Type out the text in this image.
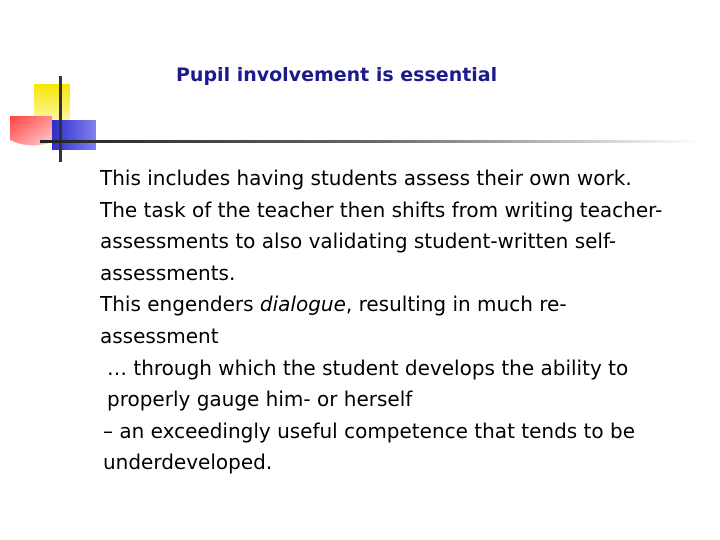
Pupil involvement is essential

This includes having students assess their own work.

The task of the teacher then shifts from writing teacher-
assessments to also validating student-written self-
assessments.

This engenders dialogue, resulting in much re-
assessment

… through which the student develops the ability to
properly gauge him- or herself

– an exceedingly useful competence that tends to be
underdeveloped.
